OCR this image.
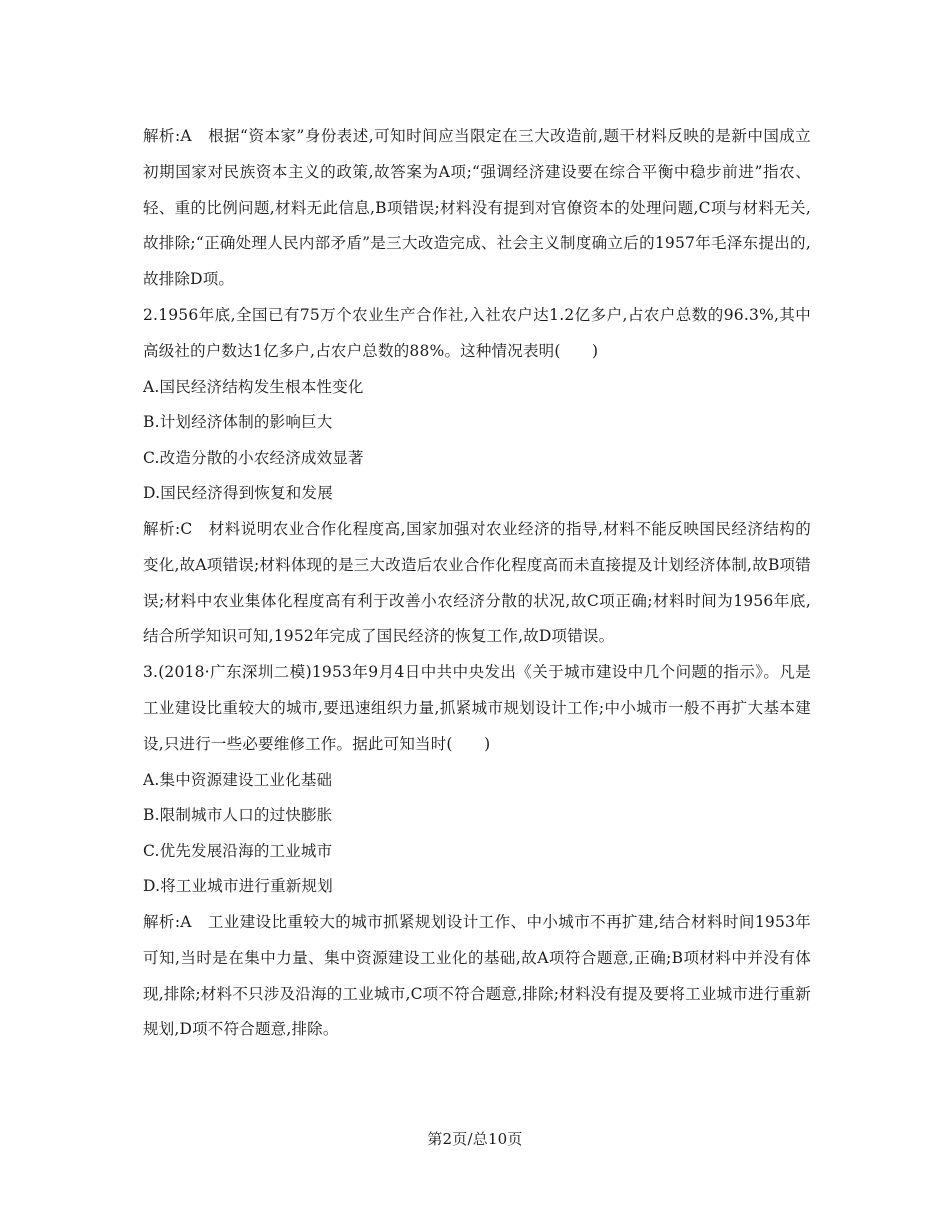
解析:A　根据“资本家”身份表述,可知时间应当限定在三大改造前,题干材料反映的是新中国成立初期国家对民族资本主义的政策,故答案为A项;“强调经济建设要在综合平衡中稳步前进”指农、轻、重的比例问题,材料无此信息,B项错误;材料没有提到对官僚资本的处理问题,C项与材料无关,故排除;“正确处理人民内部矛盾”是三大改造完成、社会主义制度确立后的1957年毛泽东提出的,故排除D项。

2.1956年底,全国已有75万个农业生产合作社,入社农户达1.2亿多户,占农户总数的96.3%,其中高级社的户数达1亿多户,占农户总数的88%。这种情况表明(　　)

A.国民经济结构发生根本性变化

B.计划经济体制的影响巨大

C.改造分散的小农经济成效显著

D.国民经济得到恢复和发展

解析:C　材料说明农业合作化程度高,国家加强对农业经济的指导,材料不能反映国民经济结构的变化,故A项错误;材料体现的是三大改造后农业合作化程度高而未直接提及计划经济体制,故B项错误;材料中农业集体化程度高有利于改善小农经济分散的状况,故C项正确;材料时间为1956年底,结合所学知识可知,1952年完成了国民经济的恢复工作,故D项错误。

3.(2018·广东深圳二模)1953年9月4日中共中央发出《关于城市建设中几个问题的指示》。凡是工业建设比重较大的城市,要迅速组织力量,抓紧城市规划设计工作;中小城市一般不再扩大基本建设,只进行一些必要维修工作。据此可知当时(　　)

A.集中资源建设工业化基础

B.限制城市人口的过快膨胀

C.优先发展沿海的工业城市

D.将工业城市进行重新规划

解析:A　工业建设比重较大的城市抓紧规划设计工作、中小城市不再扩建,结合材料时间1953年可知,当时是在集中力量、集中资源建设工业化的基础,故A项符合题意,正确;B项材料中并没有体现,排除;材料不只涉及沿海的工业城市,C项不符合题意,排除;材料没有提及要将工业城市进行重新规划,D项不符合题意,排除。

第2页/总10页
